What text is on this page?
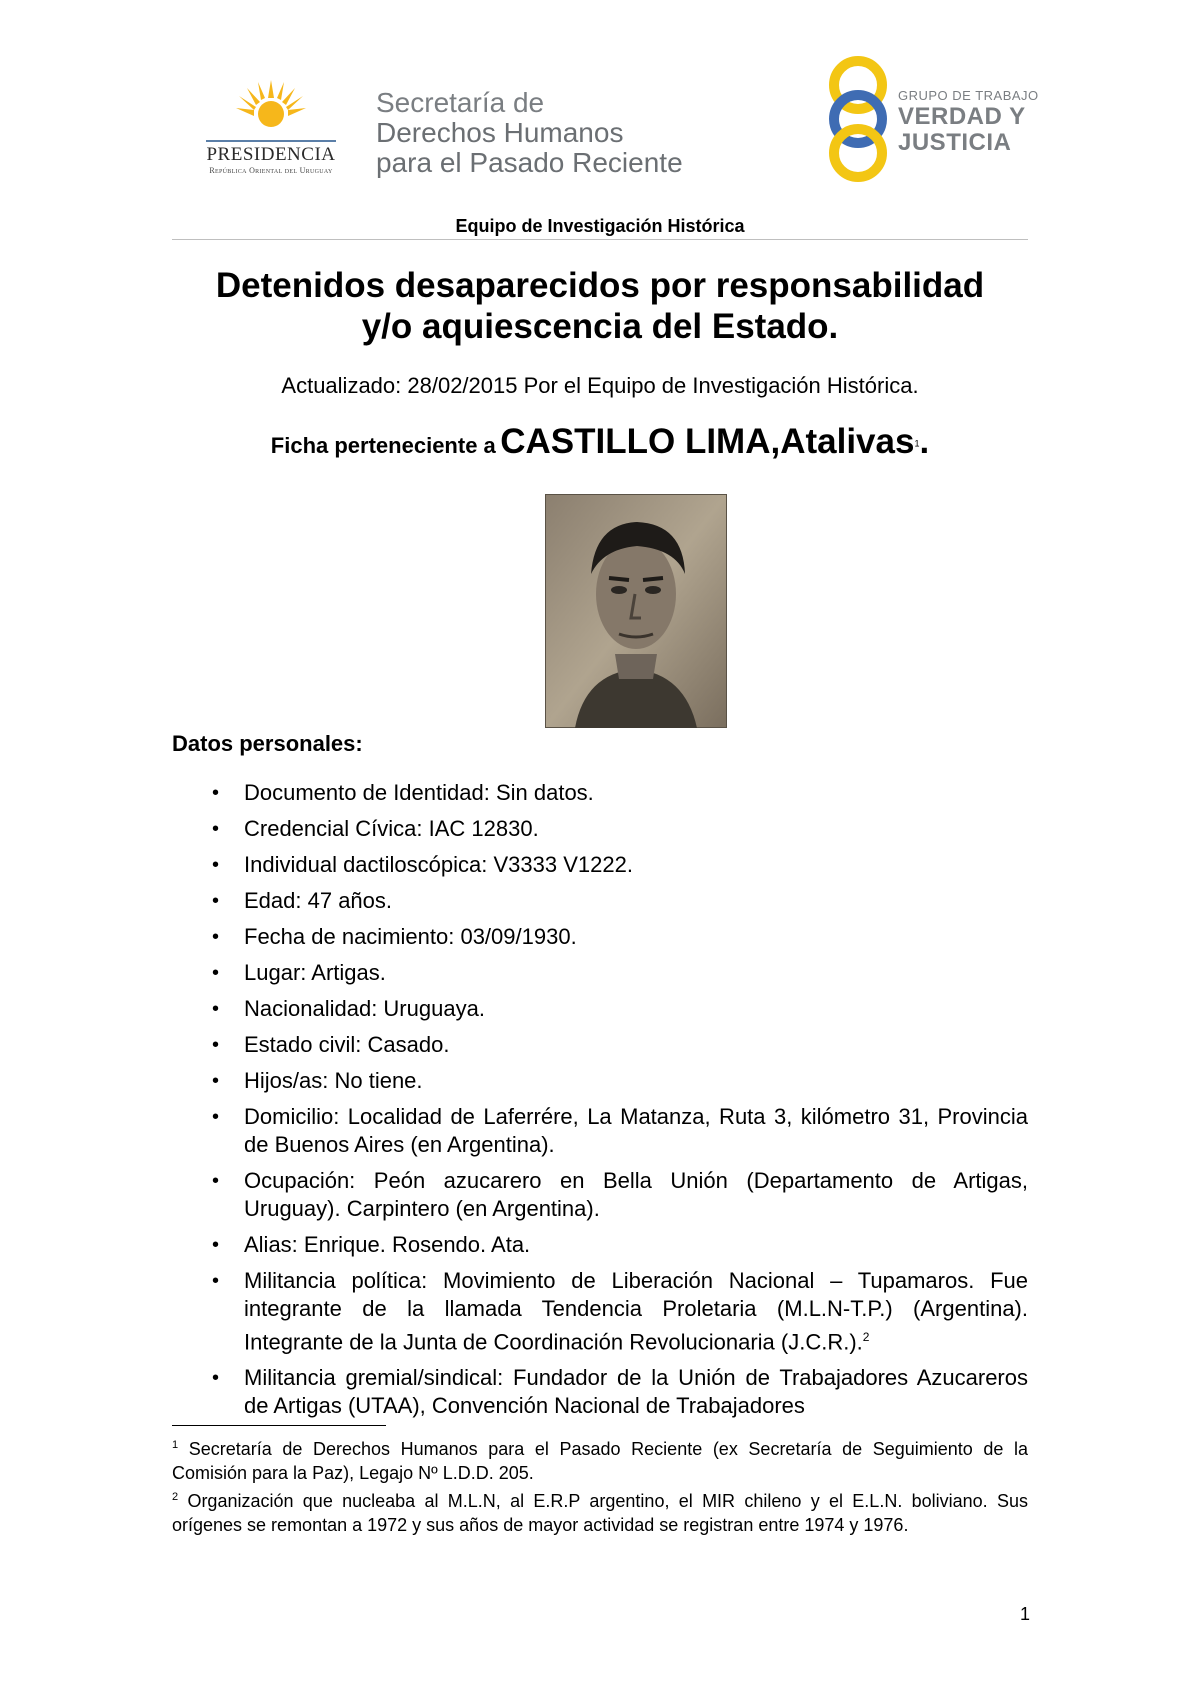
PRESIDENCIA
República Oriental del Uruguay
Secretaría de
Derechos Humanos
para el Pasado Reciente
GRUPO DE TRABAJO
VERDAD Y
JUSTICIA
Equipo de Investigación Histórica
Detenidos desaparecidos por responsabilidad
y/o aquiescencia del Estado.
Actualizado: 28/02/2015 Por el Equipo de Investigación Histórica.
Ficha perteneciente a CASTILLO LIMA,Atalivas$^1$.
Datos personales:
• Documento de Identidad: Sin datos.
• Credencial Cívica: IAC 12830.
• Individual dactiloscópica: V3333 V1222.
• Edad: 47 años.
• Fecha de nacimiento: 03/09/1930.
• Lugar: Artigas.
• Nacionalidad: Uruguaya.
• Estado civil: Casado.
• Hijos/as: No tiene.
• Domicilio: Localidad de Laferrére, La Matanza, Ruta 3, kilómetro 31, Provincia de Buenos Aires (en Argentina).
• Ocupación: Peón azucarero en Bella Unión (Departamento de Artigas, Uruguay). Carpintero (en Argentina).
• Alias: Enrique. Rosendo. Ata.
• Militancia política: Movimiento de Liberación Nacional – Tupamaros. Fue integrante de la llamada Tendencia Proletaria (M.L.N-T.P.) (Argentina). Integrante de la Junta de Coordinación Revolucionaria (J.C.R.).$^2$
• Militancia gremial/sindical: Fundador de la Unión de Trabajadores Azucareros de Artigas (UTAA), Convención Nacional de Trabajadores

$^1$ Secretaría de Derechos Humanos para el Pasado Reciente (ex Secretaría de Seguimiento de la Comisión para la Paz), Legajo Nº L.D.D. 205.

$^2$ Organización que nucleaba al M.L.N, al E.R.P argentino, el MIR chileno y el E.L.N. boliviano. Sus orígenes se remontan a 1972 y sus años de mayor actividad se registran entre 1974 y 1976.

1
